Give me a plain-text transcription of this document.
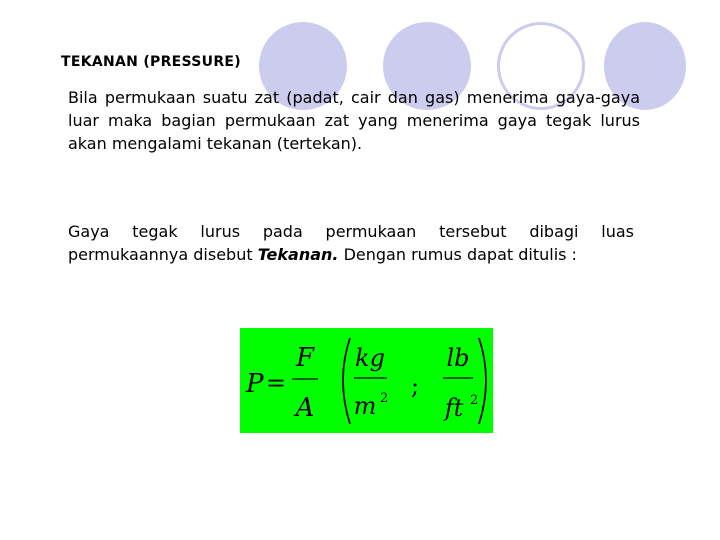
TEKANAN (PRESSURE)
Bila permukaan suatu zat (padat, cair dan gas) menerima gaya-gaya luar maka bagian permukaan zat yang menerima gaya tegak lurus akan mengalami tekanan (tertekan).
Gaya tegak lurus pada permukaan tersebut dibagi luas permukaannya disebut Tekanan. Dengan rumus dapat ditulis :
P =
F
A
kg
m 2 ;
lb
ft 2
